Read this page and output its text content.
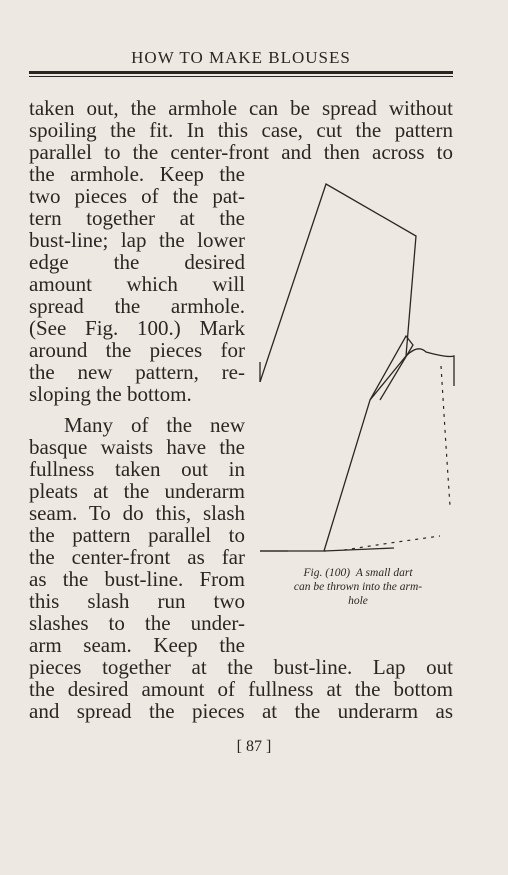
HOW TO MAKE BLOUSES
taken out, the armhole can be spread without
spoiling the fit. In this case, cut the pattern
parallel to the center-front and then across to
the armhole. Keep the
two pieces of the pat-
tern together at the
bust-line; lap the lower
edge the desired
amount which will
spread the armhole.
(See Fig. 100.) Mark
around the pieces for
the new pattern, re-
sloping the bottom.
Many of the new
basque waists have the
fullness taken out in
pleats at the underarm
seam. To do this, slash
the pattern parallel to
the center-front as far
as the bust-line. From
this slash run two
slashes to the under-
arm seam. Keep the
pieces together at the bust-line. Lap out
the desired amount of fullness at the bottom
and spread the pieces at the underarm as
Fig. (100) A small dart
can be thrown into the arm-
hole
[ 87 ]
